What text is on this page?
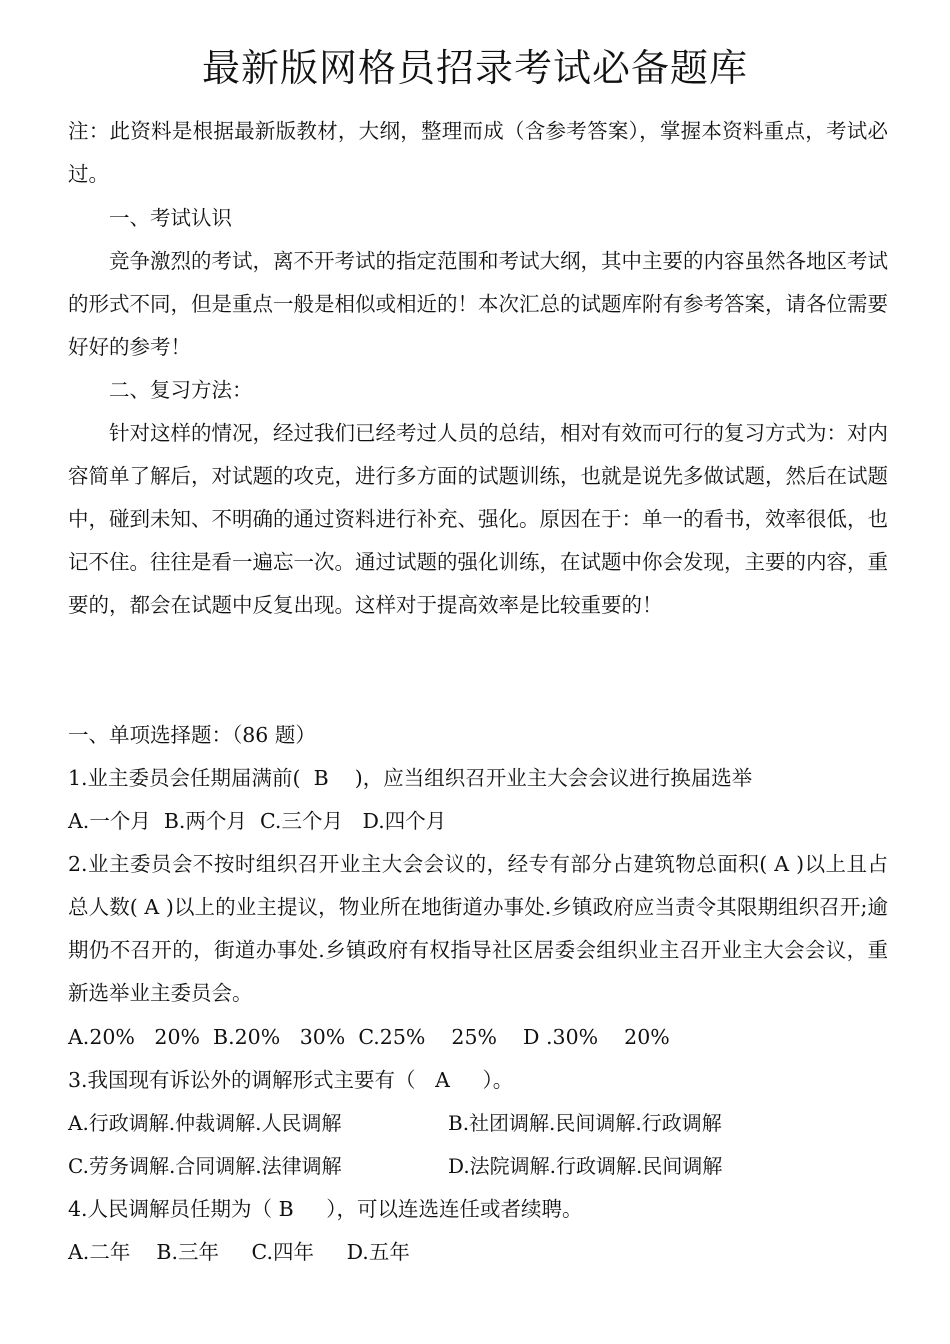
最新版网格员招录考试必备题库

注：此资料是根据最新版教材，大纲，整理而成（含参考答案），掌握本资料重点，考试必过。

一、考试认识

竞争激烈的考试，离不开考试的指定范围和考试大纲，其中主要的内容虽然各地区考试的形式不同，但是重点一般是相似或相近的！本次汇总的试题库附有参考答案，请各位需要好好的参考！

二、复习方法：

针对这样的情况，经过我们已经考过人员的总结，相对有效而可行的复习方式为：对内容简单了解后，对试题的攻克，进行多方面的试题训练，也就是说先多做试题，然后在试题中，碰到未知、不明确的通过资料进行补充、强化。原因在于：单一的看书，效率很低，也记不住。往往是看一遍忘一次。通过试题的强化训练，在试题中你会发现，主要的内容，重要的，都会在试题中反复出现。这样对于提高效率是比较重要的！

一、单项选择题：（86 题）
1.业主委员会任期届满前(  B    )，应当组织召开业主大会会议进行换届选举
A.一个月  B.两个月  C.三个月   D.四个月

2.业主委员会不按时组织召开业主大会会议的，经专有部分占建筑物总面积( A )以上且占总人数( A )以上的业主提议，物业所在地街道办事处.乡镇政府应当责令其限期组织召开;逾期仍不召开的，街道办事处.乡镇政府有权指导社区居委会组织业主召开业主大会会议，重新选举业主委员会。

A.20%   20%  B.20%   30%  C.25%    25%    D .30%    20%
3.我国现有诉讼外的调解形式主要有（   A     ）。
A.行政调解.仲裁调解.人民调解	B.社团调解.民间调解.行政调解
C.劳务调解.合同调解.法律调解	D.法院调解.行政调解.民间调解
4.人民调解员任期为（ B     ），可以连选连任或者续聘。
A.二年    B.三年     C.四年     D.五年
